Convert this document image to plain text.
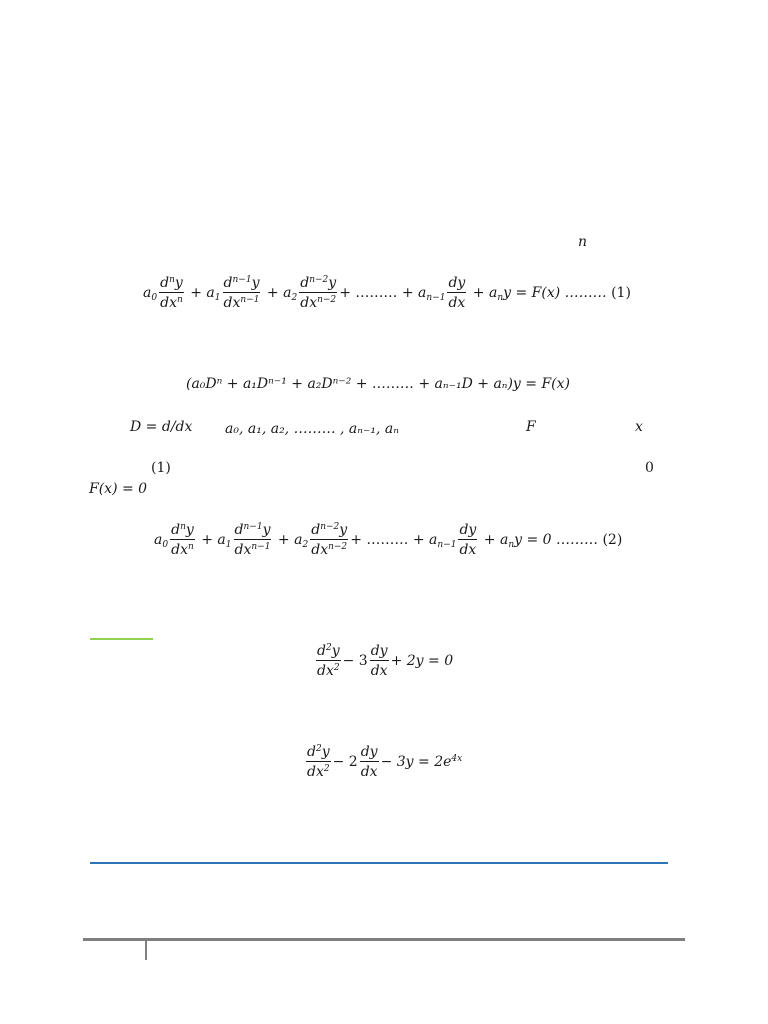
n
$a_0 \frac{d^ny}{dx^n} + a_1 \frac{d^{n-1}y}{dx^{n-1}} + a_2 \frac{d^{n-2}y}{dx^{n-2}}$ + ……… + $a_{n-1} \frac{dy}{dx} + a_ny = F(x)$ ……… (1)
(a₀Dⁿ + a₁Dⁿ⁻¹ + a₂Dⁿ⁻² + ……… + aₙ₋₁D + aₙ)y = F(x)
D = d/dx a₀, a₁, a₂, ……… , aₙ₋₁, aₙ	F	x
(1)	0
F(x) = 0
$a_0 \frac{d^ny}{dx^n} + a_1 \frac{d^{n-1}y}{dx^{n-1}} + a_2 \frac{d^{n-2}y}{dx^{n-2}}$ + ……… + $a_{n-1} \frac{dy}{dx} + a_ny = 0$ ……… (2)
$\frac{d^2y}{dx^2} - 3 \frac{dy}{dx} + 2y = 0$
$\frac{d^2y}{dx^2} - 2 \frac{dy}{dx} - 3y = 2e^{4x}$
